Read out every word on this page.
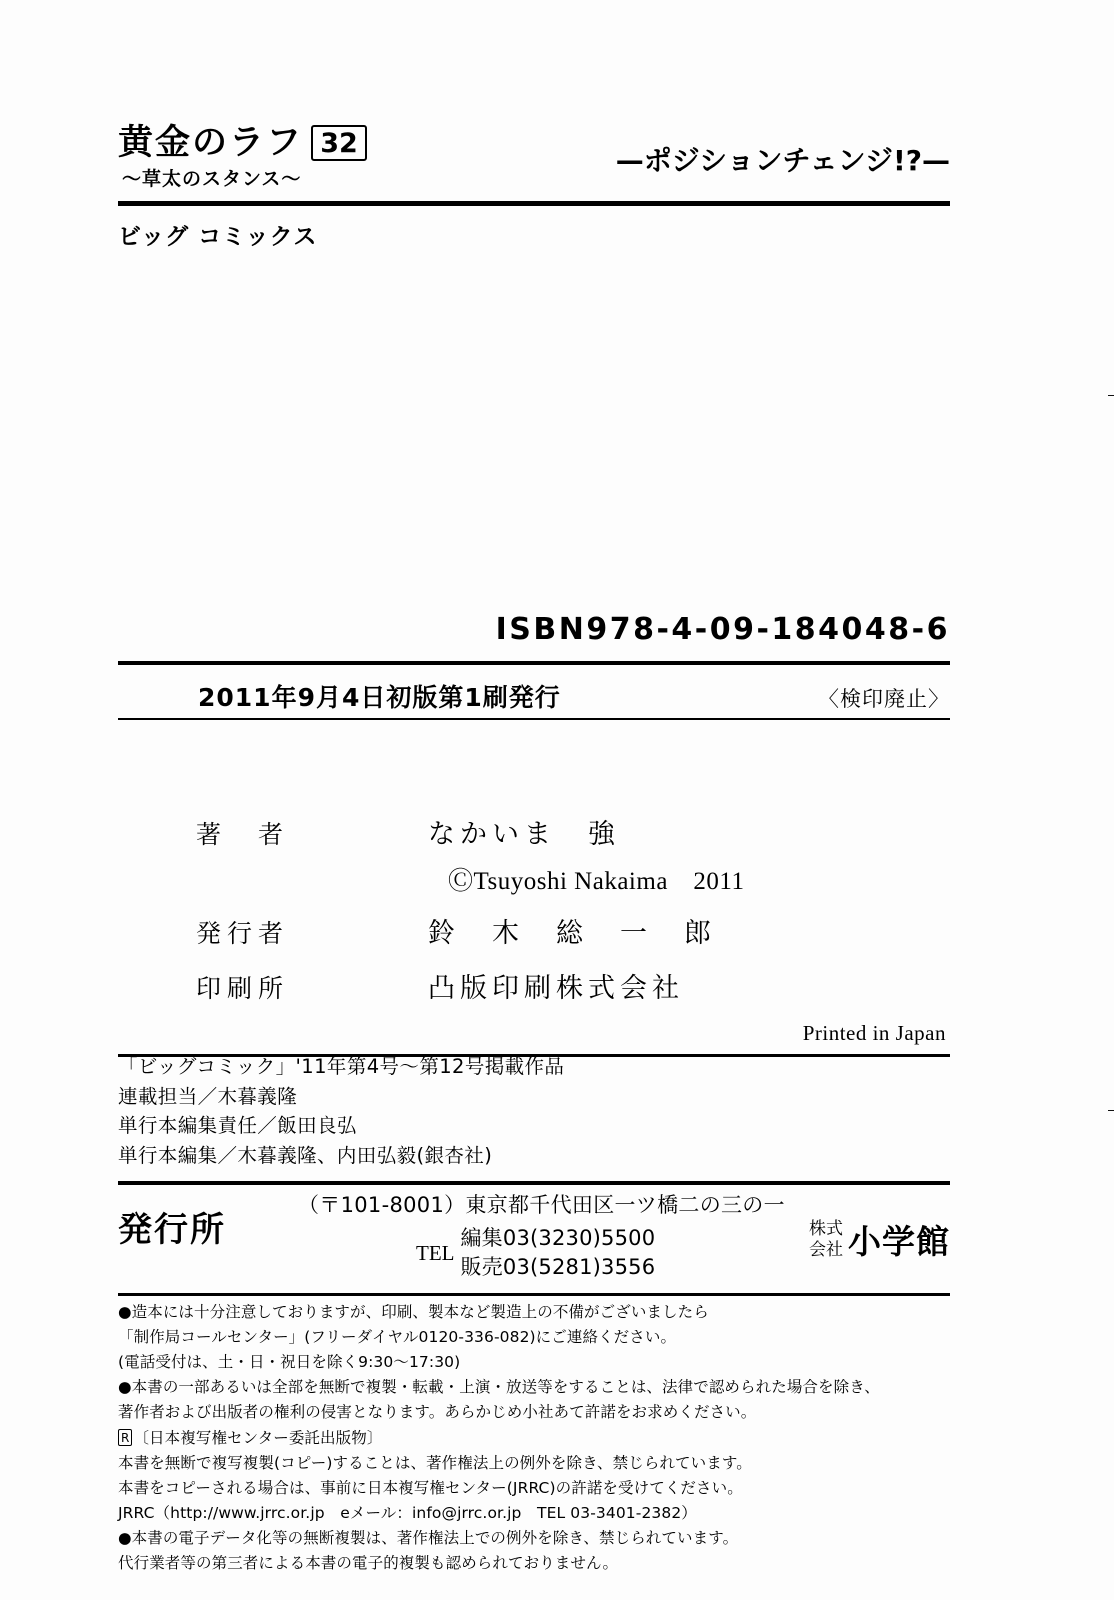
黄金のラフ 32
〜草太のスタンス〜
—ポジションチェンジ!?—
ビッグ コミックス
ISBN978-4-09-184048-6
2011年9月4日初版第1刷発行	〈検印廃止〉
著　者	なかいま　強
ⒸTsuyoshi Nakaima　2011
発行者	鈴　木　総　一　郎
印刷所	凸版印刷株式会社
Printed in Japan
「ビッグコミック」'11年第4号〜第12号掲載作品
連載担当／木暮義隆
単行本編集責任／飯田良弘
単行本編集／木暮義隆、内田弘毅(銀杏社)
発行所
（〒101-8001）東京都千代田区一ツ橋二の三の一
TEL
編集03(3230)5500
販売03(5281)3556
株式
会社 小学館
●造本には十分注意しておりますが、印刷、製本など製造上の不備がございましたら
「制作局コールセンター」(フリーダイヤル0120-336-082)にご連絡ください。
(電話受付は、土・日・祝日を除く9:30〜17:30)
●本書の一部あるいは全部を無断で複製・転載・上演・放送等をすることは、法律で認められた場合を除き、
著作者および出版者の権利の侵害となります。あらかじめ小社あて許諾をお求めください。
R 〔日本複写権センター委託出版物〕
本書を無断で複写複製(コピー)することは、著作権法上の例外を除き、禁じられています。
本書をコピーされる場合は、事前に日本複写権センター(JRRC)の許諾を受けてください。
JRRC（http://www.jrrc.or.jp　eメール：info@jrrc.or.jp　TEL 03-3401-2382）
●本書の電子データ化等の無断複製は、著作権法上での例外を除き、禁じられています。
代行業者等の第三者による本書の電子的複製も認められておりません。
